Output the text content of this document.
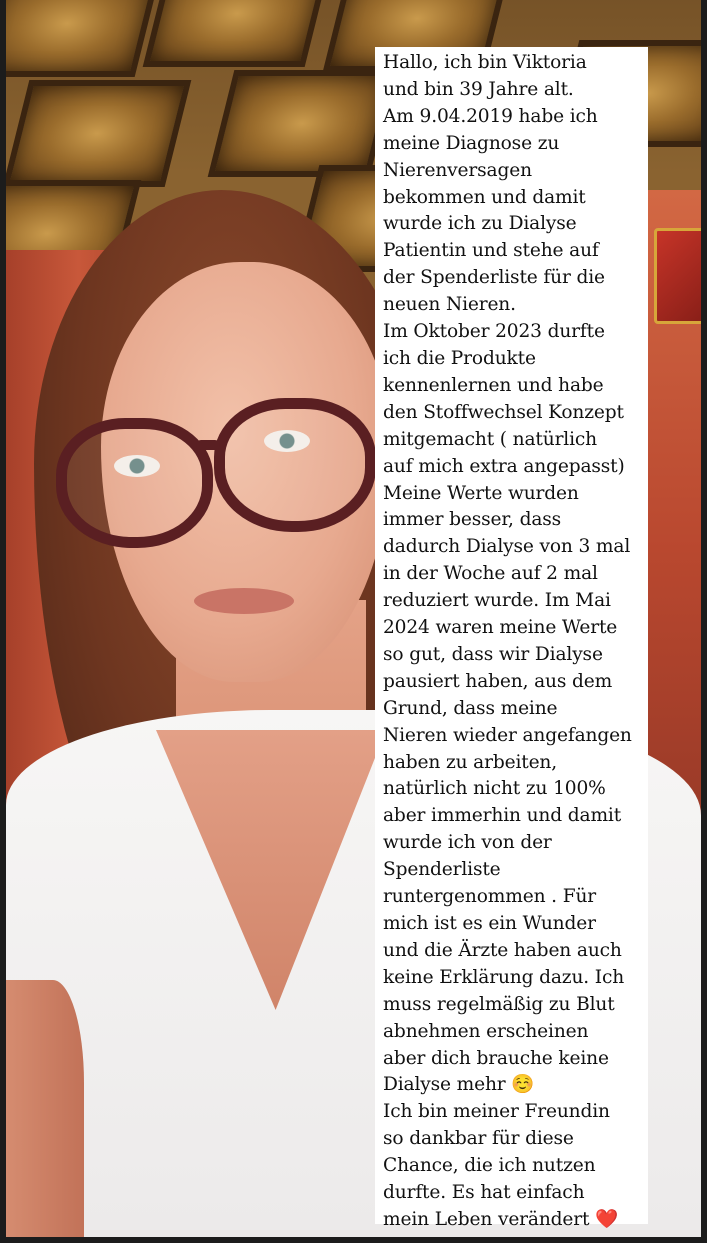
Hallo, ich bin Viktoria
und bin 39 Jahre alt.
Am 9.04.2019 habe ich
meine Diagnose zu
Nierenversagen
bekommen und damit
wurde ich zu Dialyse
Patientin und stehe auf
der Spenderliste für die
neuen Nieren.
Im Oktober 2023 durfte
ich die Produkte
kennenlernen und habe
den Stoffwechsel Konzept
mitgemacht ( natürlich
auf mich extra angepasst)
Meine Werte wurden
immer besser, dass
dadurch Dialyse von 3 mal
in der Woche auf 2 mal
reduziert wurde. Im Mai
2024 waren meine Werte
so gut, dass wir Dialyse
pausiert haben, aus dem
Grund, dass meine
Nieren wieder angefangen
haben zu arbeiten,
natürlich nicht zu 100%
aber immerhin und damit
wurde ich von der
Spenderliste
runtergenommen . Für
mich ist es ein Wunder
und die Ärzte haben auch
keine Erklärung dazu. Ich
muss regelmäßig zu Blut
abnehmen erscheinen
aber dich brauche keine
Dialyse mehr ☺️
Ich bin meiner Freundin
so dankbar für diese
Chance, die ich nutzen
durfte. Es hat einfach
mein Leben verändert ❤️
